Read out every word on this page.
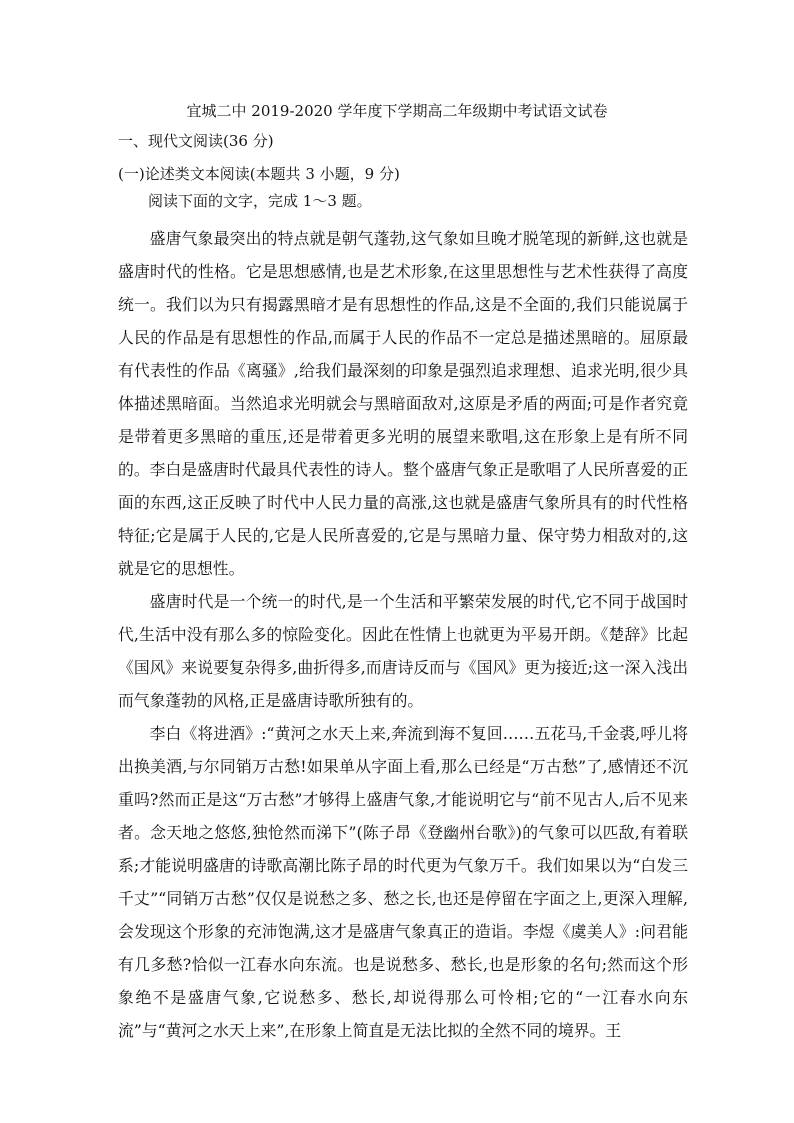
宜城二中 2019-2020 学年度下学期高二年级期中考试语文试卷
一、现代文阅读(36 分)
(一)论述类文本阅读(本题共 3 小题，9 分)
阅读下面的文字，完成 1～3 题。

盛唐气象最突出的特点就是朝气蓬勃,这气象如旦晚才脱笔现的新鲜,这也就是盛唐时代的性格。它是思想感情,也是艺术形象,在这里思想性与艺术性获得了高度统一。我们以为只有揭露黑暗才是有思想性的作品,这是不全面的,我们只能说属于人民的作品是有思想性的作品,而属于人民的作品不一定总是描述黑暗的。屈原最有代表性的作品《离骚》,给我们最深刻的印象是强烈追求理想、追求光明,很少具体描述黑暗面。当然追求光明就会与黑暗面敌对,这原是矛盾的两面;可是作者究竟是带着更多黑暗的重压,还是带着更多光明的展望来歌唱,这在形象上是有所不同的。李白是盛唐时代最具代表性的诗人。整个盛唐气象正是歌唱了人民所喜爱的正面的东西,这正反映了时代中人民力量的高涨,这也就是盛唐气象所具有的时代性格特征;它是属于人民的,它是人民所喜爱的,它是与黑暗力量、保守势力相敌对的,这就是它的思想性。

盛唐时代是一个统一的时代,是一个生活和平繁荣发展的时代,它不同于战国时代,生活中没有那么多的惊险变化。因此在性情上也就更为平易开朗。《楚辞》比起《国风》来说要复杂得多,曲折得多,而唐诗反而与《国风》更为接近;这一深入浅出而气象蓬勃的风格,正是盛唐诗歌所独有的。

李白《将进酒》:“黄河之水天上来,奔流到海不复回……五花马,千金裘,呼儿将出换美酒,与尔同销万古愁!如果单从字面上看,那么已经是“万古愁”了,感情还不沉重吗?然而正是这“万古愁”才够得上盛唐气象,才能说明它与“前不见古人,后不见来者。念天地之悠悠,独怆然而涕下”(陈子昂《登幽州台歌》)的气象可以匹敌,有着联系;才能说明盛唐的诗歌高潮比陈子昂的时代更为气象万千。我们如果以为“白发三千丈”“同销万古愁”仅仅是说愁之多、愁之长,也还是停留在字面之上,更深入理解,会发现这个形象的充沛饱满,这才是盛唐气象真正的造诣。李煜《虞美人》:问君能有几多愁?恰似一江春水向东流。也是说愁多、愁长,也是形象的名句;然而这个形象绝不是盛唐气象,它说愁多、愁长,却说得那么可怜相;它的“一江春水向东流”与“黄河之水天上来”,在形象上简直是无法比拟的全然不同的境界。王
